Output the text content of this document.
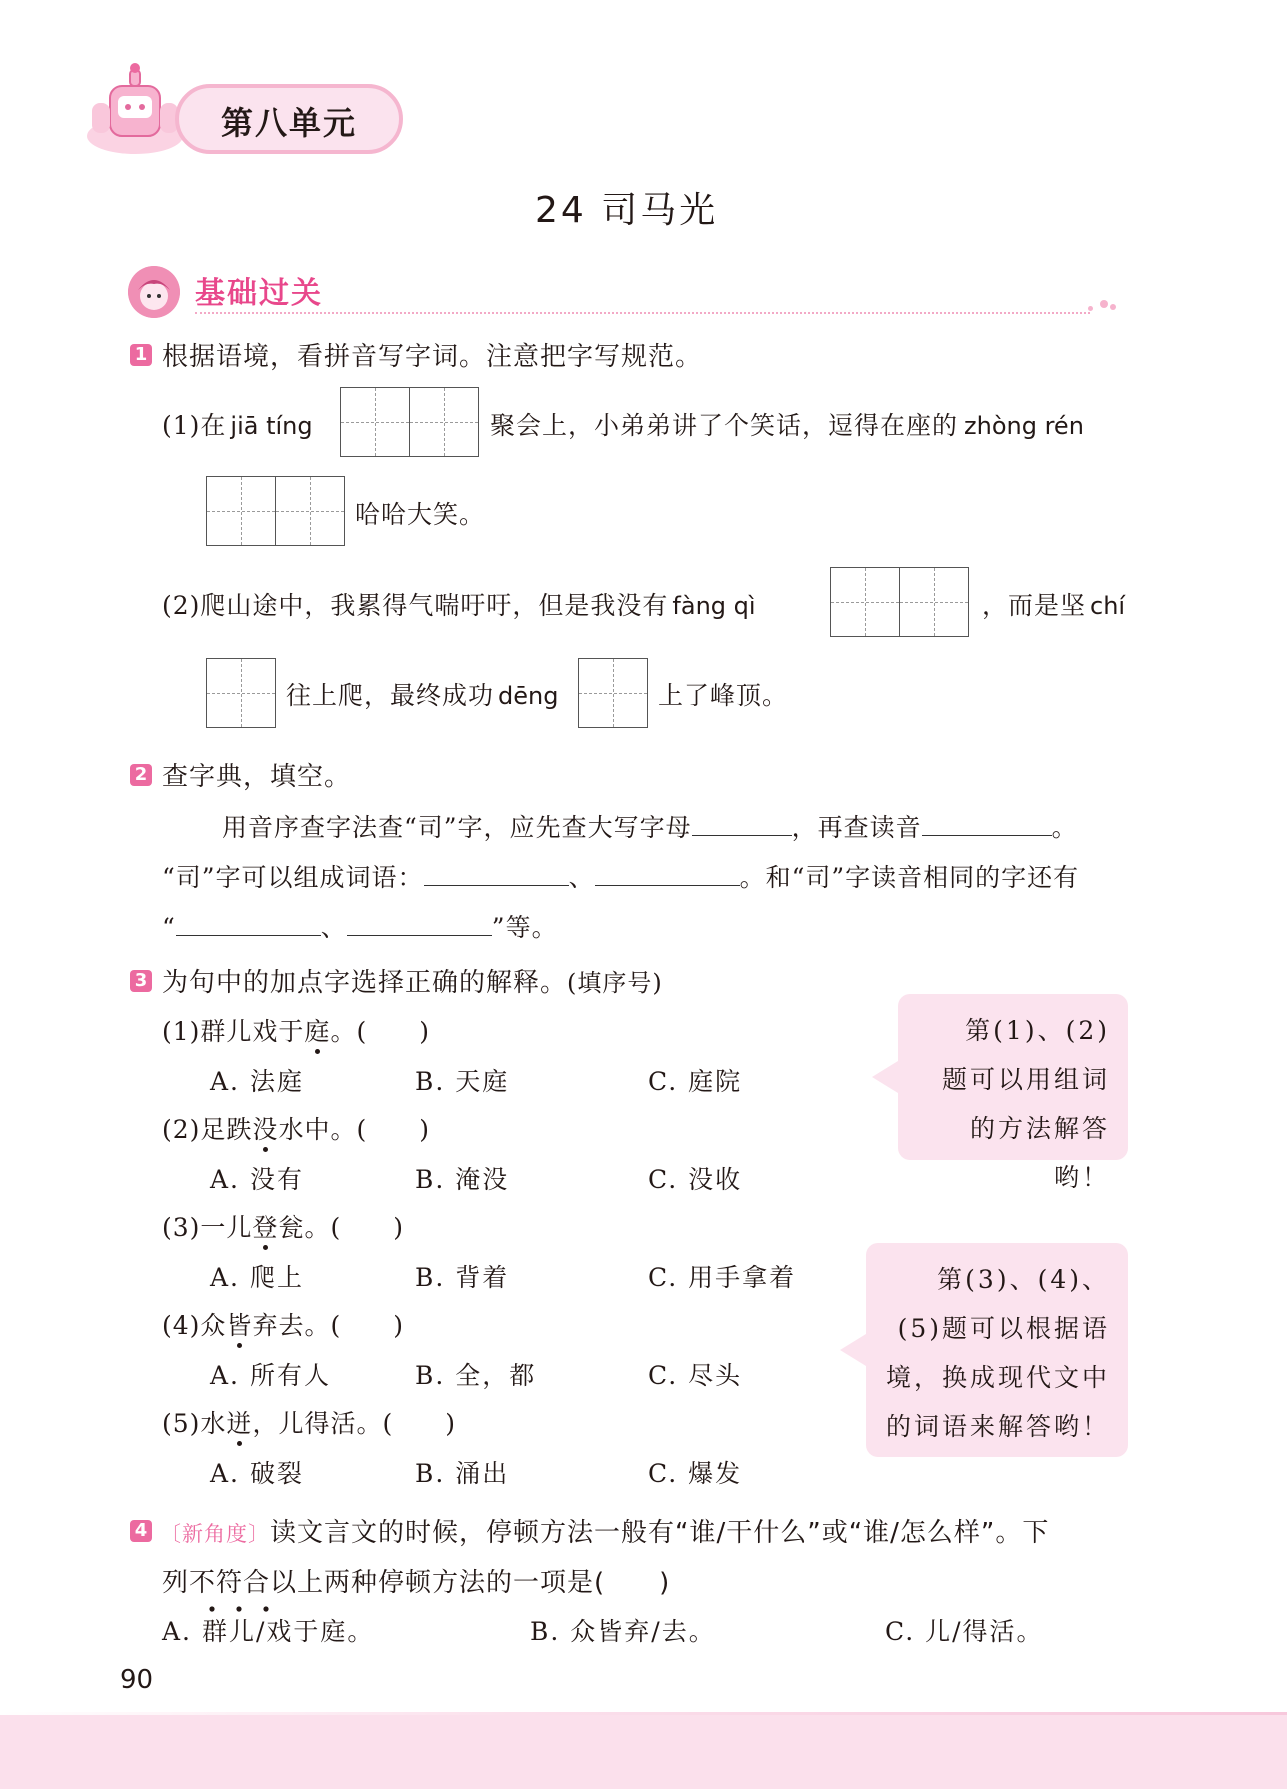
第八单元
24 司马光
基础过关
1 根据语境，看拼音写字词。注意把字写规范。
(1)在 jiā tíng	聚会上，小弟弟讲了个笑话，逗得在座的 zhòng rén
哈哈大笑。
(2)爬山途中，我累得气喘吁吁，但是我没有 fàng qì	，而是坚 chí
往上爬，最终成功 dēng	上了峰顶。
2 查字典，填空。
用音序查字法查“司”字，应先查大写字母	，再查读音	。
“司”字可以组成词语：	、	。和“司”字读音相同的字还有
“	、	”等。
3 为句中的加点字选择正确的解释。(填序号)
(1)群儿戏于庭。(　　)
A. 法庭	B. 天庭	C. 庭院
(2)足跌没水中。(　　)
A. 没有	B. 淹没	C. 没收
(3)一儿登瓮。(　　)
A. 爬上	B. 背着	C. 用手拿着
(4)众皆弃去。(　　)
A. 所有人	B. 全，都	C. 尽头
(5)水迸，儿得活。(　　)
A. 破裂	B. 涌出	C. 爆发
第(1)、(2)
题可以用组词
的方法解答哟！
第(3)、(4)、
(5)题可以根据语
境，换成现代文中
的词语来解答哟！
4 〔新角度〕读文言文的时候，停顿方法一般有“谁/干什么”或“谁/怎么样”。下
列不符合以上两种停顿方法的一项是(　　)
A. 群儿/戏于庭。	B. 众皆弃/去。	C. 儿/得活。
90
